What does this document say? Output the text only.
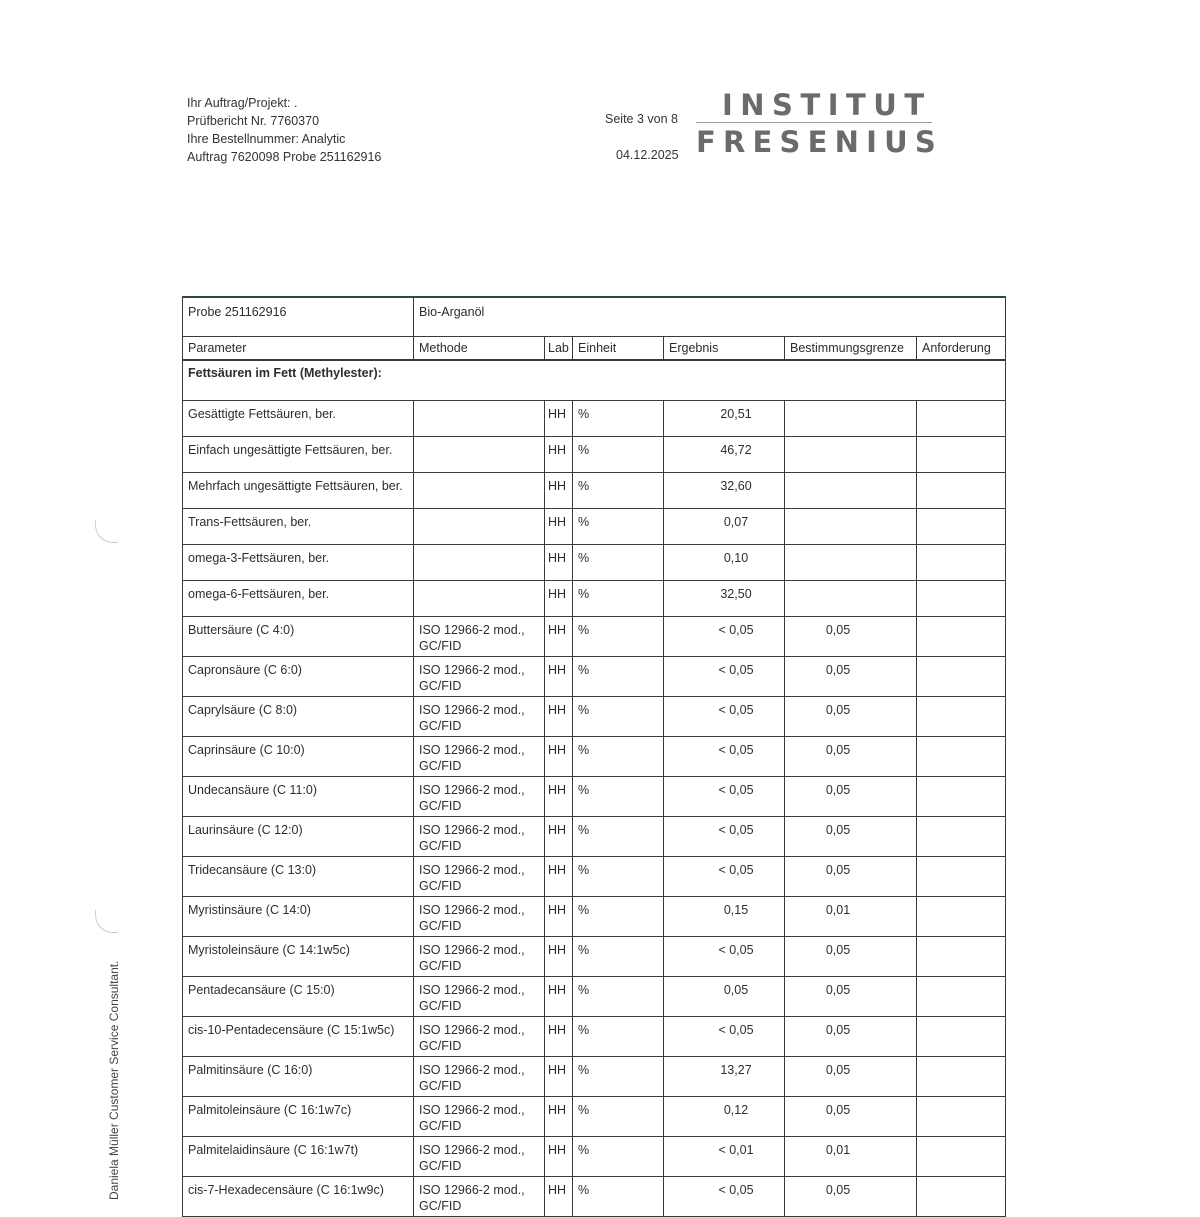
Ihr Auftrag/Projekt: .
Prüfbericht Nr. 7760370
Ihre Bestellnummer: Analytic
Auftrag 7620098 Probe 251162916
Seite 3 von 8
04.12.2025
INSTITUT
FRESENIUS
Daniela Müller Customer Service Consultant.
Probe 251162916	Bio-Arganöl					
Parameter	Methode	Lab	Einheit	Ergebnis	Bestimmungsgrenze	Anforderung
Fettsäuren im Fett (Methylester):						
Gesättigte Fettsäuren, ber.		HH	%	20,51		
Einfach ungesättigte Fettsäuren, ber.		HH	%	46,72		
Mehrfach ungesättigte Fettsäuren, ber.		HH	%	32,60		
Trans-Fettsäuren, ber.		HH	%	0,07		
omega-3-Fettsäuren, ber.		HH	%	0,10		
omega-6-Fettsäuren, ber.		HH	%	32,50		
Buttersäure (C 4:0)	ISO 12966-2 mod.,
GC/FID	HH	%	< 0,05	0,05	
Capronsäure (C 6:0)	ISO 12966-2 mod.,
GC/FID	HH	%	< 0,05	0,05	
Caprylsäure (C 8:0)	ISO 12966-2 mod.,
GC/FID	HH	%	< 0,05	0,05	
Caprinsäure (C 10:0)	ISO 12966-2 mod.,
GC/FID	HH	%	< 0,05	0,05	
Undecansäure (C 11:0)	ISO 12966-2 mod.,
GC/FID	HH	%	< 0,05	0,05	
Laurinsäure (C 12:0)	ISO 12966-2 mod.,
GC/FID	HH	%	< 0,05	0,05	
Tridecansäure (C 13:0)	ISO 12966-2 mod.,
GC/FID	HH	%	< 0,05	0,05	
Myristinsäure (C 14:0)	ISO 12966-2 mod.,
GC/FID	HH	%	0,15	0,01	
Myristoleinsäure (C 14:1w5c)	ISO 12966-2 mod.,
GC/FID	HH	%	< 0,05	0,05	
Pentadecansäure (C 15:0)	ISO 12966-2 mod.,
GC/FID	HH	%	0,05	0,05	
cis-10-Pentadecensäure (C 15:1w5c)	ISO 12966-2 mod.,
GC/FID	HH	%	< 0,05	0,05	
Palmitinsäure (C 16:0)	ISO 12966-2 mod.,
GC/FID	HH	%	13,27	0,05	
Palmitoleinsäure (C 16:1w7c)	ISO 12966-2 mod.,
GC/FID	HH	%	0,12	0,05	
Palmitelaidinsäure (C 16:1w7t)	ISO 12966-2 mod.,
GC/FID	HH	%	< 0,01	0,01	
cis-7-Hexadecensäure (C 16:1w9c)	ISO 12966-2 mod.,
GC/FID	HH	%	< 0,05	0,05	
